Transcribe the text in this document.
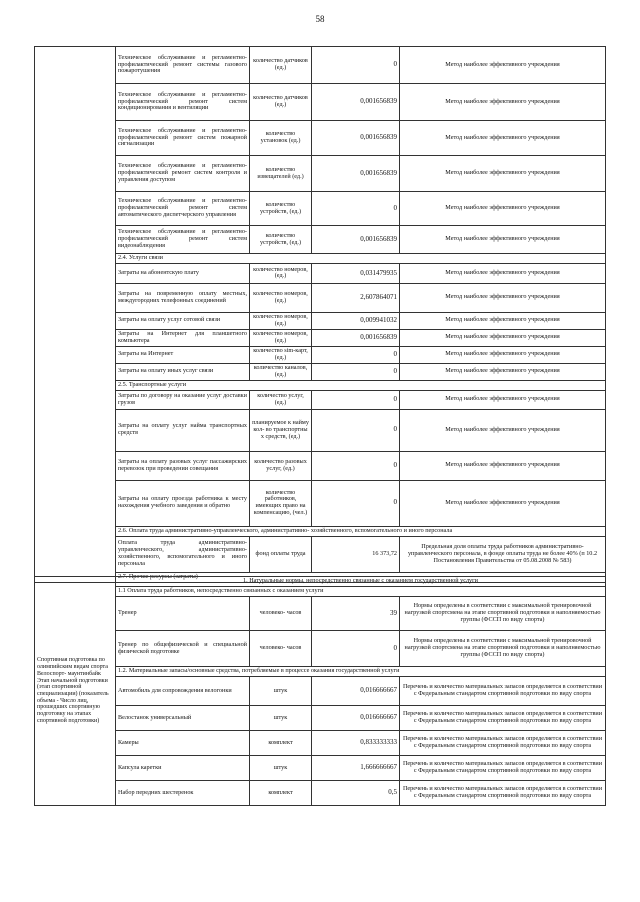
58
	Техническое обслуживание и регламентно- профилактический ремонт системы газового пожаротушения	количество датчиков (ед.)	0	Метод наиболее эффективного учреждения
	Техническое обслуживание и регламентно- профилактический ремонт систем кондиционирования и вентиляции	количество датчиков (ед.)	0,001656839	Метод наиболее эффективного учреждения
	Техническое обслуживание и регламентно- профилактический ремонт систем пожарной сигнализации	количество установок (ед.)	0,001656839	Метод наиболее эффективного учреждения
	Техническое обслуживание и регламентно- профилактический ремонт систем контроля и управления доступом	количество извещателей (ед.)	0,001656839	Метод наиболее эффективного учреждения
	Техническое обслуживание и регламентно- профилактический ремонт систем автоматического диспетчерского управления	количество устройств, (ед.)	0	Метод наиболее эффективного учреждения
	Техническое обслуживание и регламентно- профилактический ремонт систем видеонаблюдения	количество устройств, (ед.)	0,001656839	Метод наиболее эффективного учреждения
	2.4. Услуги связи			
	Затраты на абонентскую плату	количество номеров, (ед.)	0,031479935	Метод наиболее эффективного учреждения
	Затраты на повременную оплату местных, междугородних телефонных соединений	количество номеров, (ед.)	2,607864071	Метод наиболее эффективного учреждения
	Затраты на оплату услуг сотовой связи	количество номеров, (ед.)	0,009941032	Метод наиболее эффективного учреждения
	Затраты на Интернет для планшетного компьютера	количество номеров, (ед.)	0,001656839	Метод наиболее эффективного учреждения
	Затраты на Интернет	количество sim-карт, (ед.)	0	Метод наиболее эффективного учреждения
	Затраты на оплату иных услуг связи	количество каналов, (ед.)	0	Метод наиболее эффективного учреждения
	2.5. Транспортные услуги			
	Затраты по договору на оказание услуг доставки грузов	количество услуг, (ед.)	0	Метод наиболее эффективного учреждения
	Затраты на оплату услуг найма транспортных средств	планируемое к найму кол- во транспортны х средств, (ед.)	0	Метод наиболее эффективного учреждения
	Затраты на оплату разовых услуг пассажирских перевозок при проведении совещания	количество разовых услуг, (ед.)	0	Метод наиболее эффективного учреждения
	Затраты на оплату проезда работника к месту нахождения учебного заведения и обратно	количество работников, имеющих право на компенсацию, (чел.)	0	Метод наиболее эффективного учреждения
	2.6. Оплата труда административно-управленческого, административно- хозяйственного, вспомогательного и иного персонала			
	Оплата труда административно-управленческого, административно-хозяйственного, вспомогательного и иного персонала	фонд оплаты труда	16 373,72	Предельная доля оплаты труда работников административно- управленческого персонала, в фонде оплаты труда не более 40% (п 10.2 Постановления Правительства от 05.08.2008 № 583)
	2.7. Прочие ресурсы (затраты)			
Спортивная подготовка по олимпийским видам спорта Велоспорт- маунтинбайк Этап начальной подготовки (этап спортивной специализации) (показатель объема - Число лиц, прошедших спортивную подготовку на этапах спортивной подготовки)	1. Натуральные нормы, непосредственно связанные с оказанием государственной услуги			
	1.1 Оплата труда работников, непосредственно связанных с оказанием услуги			
	Тренер	человеко- часов	39	Нормы определены в соответствии с максимальной тренировочной нагрузкой спортсмена на этапе спортивной подготовки и наполняемостью группы (ФССП по виду спорта)
	Тренер по общефизической и специальной физической подготовке	человеко- часов	0	Нормы определены в соответствии с максимальной тренировочной нагрузкой спортсмена на этапе спортивной подготовки и наполняемостью группы (ФССП по виду спорта)
	1.2. Материальные запасы/основные средства, потребляемые в процессе оказания государственной услуги			
	Автомобиль для сопровождения велогонки	штук	0,016666667	Перечень и количество материальных запасов определяется в соответствии с Федеральным стандартом спортивной подготовки по виду спорта
	Велостанок универсальный	штук	0,016666667	Перечень и количество материальных запасов определяется в соответствии с Федеральным стандартом спортивной подготовки по виду спорта
	Камеры	комплект	0,833333333	Перечень и количество материальных запасов определяется в соответствии с Федеральным стандартом спортивной подготовки по виду спорта
	Капсула каретки	штук	1,666666667	Перечень и количество материальных запасов определяется в соответствии с Федеральным стандартом спортивной подготовки по виду спорта
	Набор передних шестеренок	комплект	0,5	Перечень и количество материальных запасов определяется в соответствии с Федеральным стандартом спортивной подготовки по виду спорта
